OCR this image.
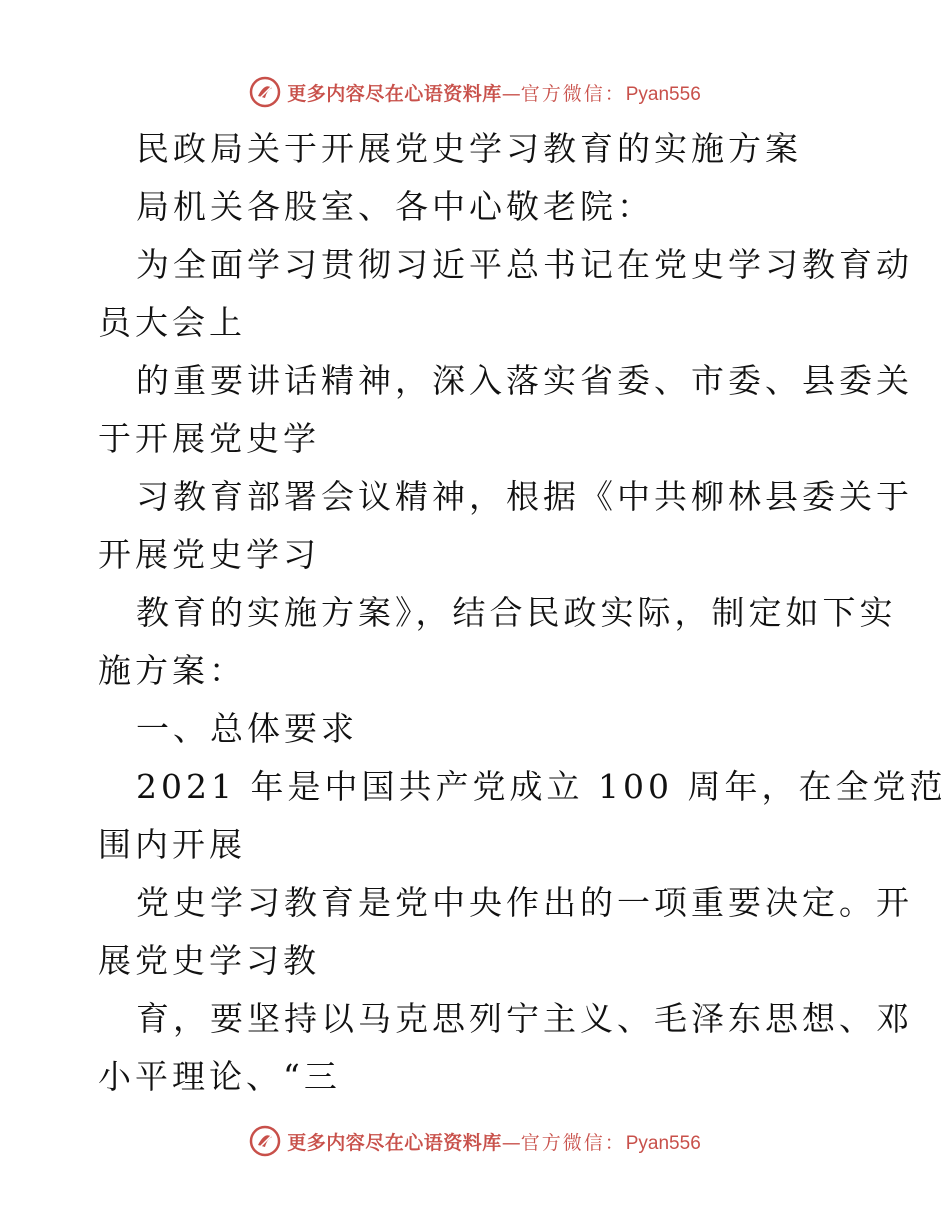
更多内容尽在心语资料库—官方微信：Pyan556
民政局关于开展党史学习教育的实施方案
局机关各股室、各中心敬老院：
为全面学习贯彻习近平总书记在党史学习教育动
员大会上
的重要讲话精神，深入落实省委、市委、县委关
于开展党史学
习教育部署会议精神，根据《中共柳林县委关于
开展党史学习
教育的实施方案》，结合民政实际，制定如下实
施方案：
一、总体要求
2021 年是中国共产党成立 100 周年，在全党范
围内开展
党史学习教育是党中央作出的一项重要决定。开
展党史学习教
育，要坚持以马克思列宁主义、毛泽东思想、邓
小平理论、“三
更多内容尽在心语资料库—官方微信：Pyan556
